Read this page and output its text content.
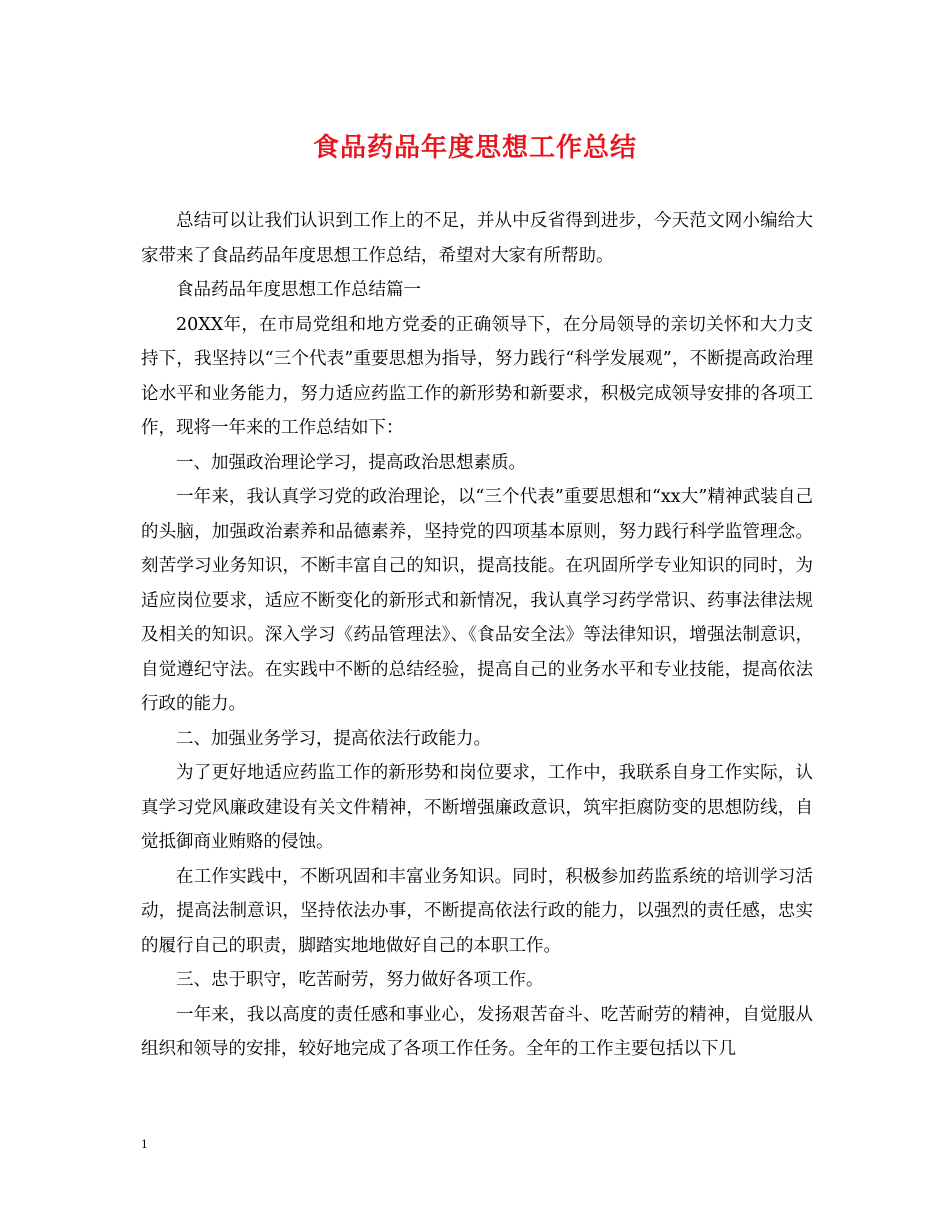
食品药品年度思想工作总结

总结可以让我们认识到工作上的不足，并从中反省得到进步，今天范文网小编给大家带来了食品药品年度思想工作总结，希望对大家有所帮助。

食品药品年度思想工作总结篇一

20XX年，在市局党组和地方党委的正确领导下，在分局领导的亲切关怀和大力支持下，我坚持以“三个代表”重要思想为指导，努力践行“科学发展观”，不断提高政治理论水平和业务能力，努力适应药监工作的新形势和新要求，积极完成领导安排的各项工作，现将一年来的工作总结如下：

一、加强政治理论学习，提高政治思想素质。

一年来，我认真学习党的政治理论，以“三个代表”重要思想和“xx大”精神武装自己的头脑，加强政治素养和品德素养，坚持党的四项基本原则，努力践行科学监管理念。刻苦学习业务知识，不断丰富自己的知识，提高技能。在巩固所学专业知识的同时，为适应岗位要求，适应不断变化的新形式和新情况，我认真学习药学常识、药事法律法规及相关的知识。深入学习《药品管理法》、《食品安全法》等法律知识，增强法制意识，自觉遵纪守法。在实践中不断的总结经验，提高自己的业务水平和专业技能，提高依法行政的能力。

二、加强业务学习，提高依法行政能力。

为了更好地适应药监工作的新形势和岗位要求，工作中，我联系自身工作实际，认真学习党风廉政建设有关文件精神，不断增强廉政意识，筑牢拒腐防变的思想防线，自觉抵御商业贿赂的侵蚀。

在工作实践中，不断巩固和丰富业务知识。同时，积极参加药监系统的培训学习活动，提高法制意识，坚持依法办事，不断提高依法行政的能力，以强烈的责任感，忠实的履行自己的职责，脚踏实地地做好自己的本职工作。

三、忠于职守，吃苦耐劳，努力做好各项工作。

一年来，我以高度的责任感和事业心，发扬艰苦奋斗、吃苦耐劳的精神，自觉服从组织和领导的安排，较好地完成了各项工作任务。全年的工作主要包括以下几

1
